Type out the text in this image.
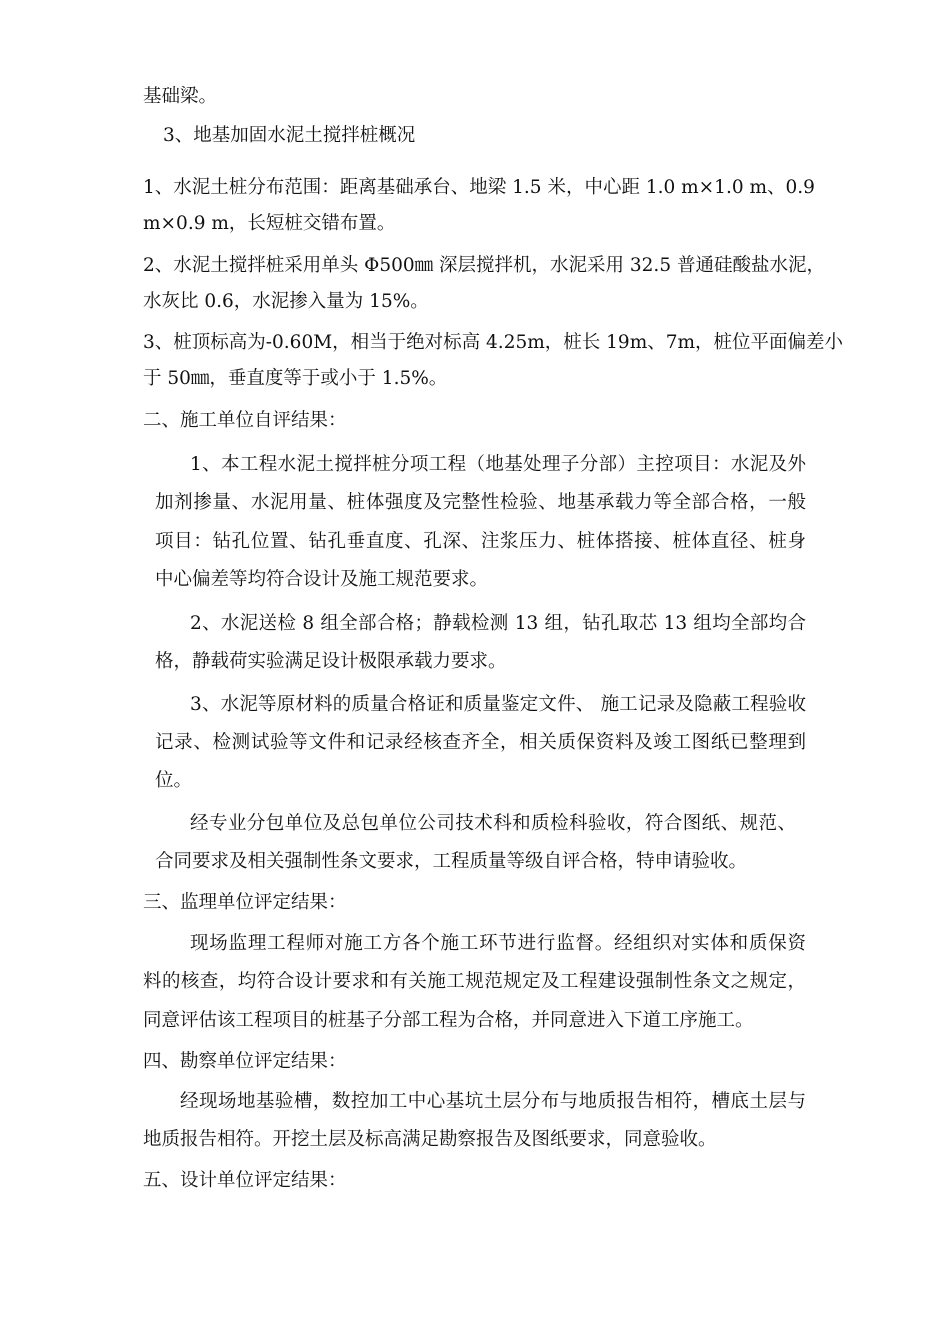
基础梁。
3、地基加固水泥土搅拌桩概况
1、水泥土桩分布范围：距离基础承台、地梁 1.5 米，中心距 1.0 m×1.0 m、0.9
m×0.9 m，长短桩交错布置。
2、水泥土搅拌桩采用单头 Φ500㎜ 深层搅拌机，水泥采用 32.5 普通硅酸盐水泥，
水灰比 0.6，水泥掺入量为 15%。
3、桩顶标高为-0.60M，相当于绝对标高 4.25m，桩长 19m、7m，桩位平面偏差小
于 50㎜，垂直度等于或小于 1.5%。
二、施工单位自评结果：
1、本工程水泥土搅拌桩分项工程（地基处理子分部）主控项目：水泥及外
加剂掺量、水泥用量、桩体强度及完整性检验、地基承载力等全部合格，一般
项目：钻孔位置、钻孔垂直度、孔深、注浆压力、桩体搭接、桩体直径、桩身
中心偏差等均符合设计及施工规范要求。
2、水泥送检 8 组全部合格；静载检测 13 组，钻孔取芯 13 组均全部均合
格，静载荷实验满足设计极限承载力要求。
3、水泥等原材料的质量合格证和质量鉴定文件、 施工记录及隐蔽工程验收
记录、检测试验等文件和记录经核查齐全，相关质保资料及竣工图纸已整理到
位。
经专业分包单位及总包单位公司技术科和质检科验收，符合图纸、规范、
合同要求及相关强制性条文要求，工程质量等级自评合格，特申请验收。
三、监理单位评定结果：
现场监理工程师对施工方各个施工环节进行监督。经组织对实体和质保资
料的核查，均符合设计要求和有关施工规范规定及工程建设强制性条文之规定，
同意评估该工程项目的桩基子分部工程为合格，并同意进入下道工序施工。
四、勘察单位评定结果：
经现场地基验槽，数控加工中心基坑土层分布与地质报告相符，槽底土层与
地质报告相符。开挖土层及标高满足勘察报告及图纸要求，同意验收。
五、设计单位评定结果：
